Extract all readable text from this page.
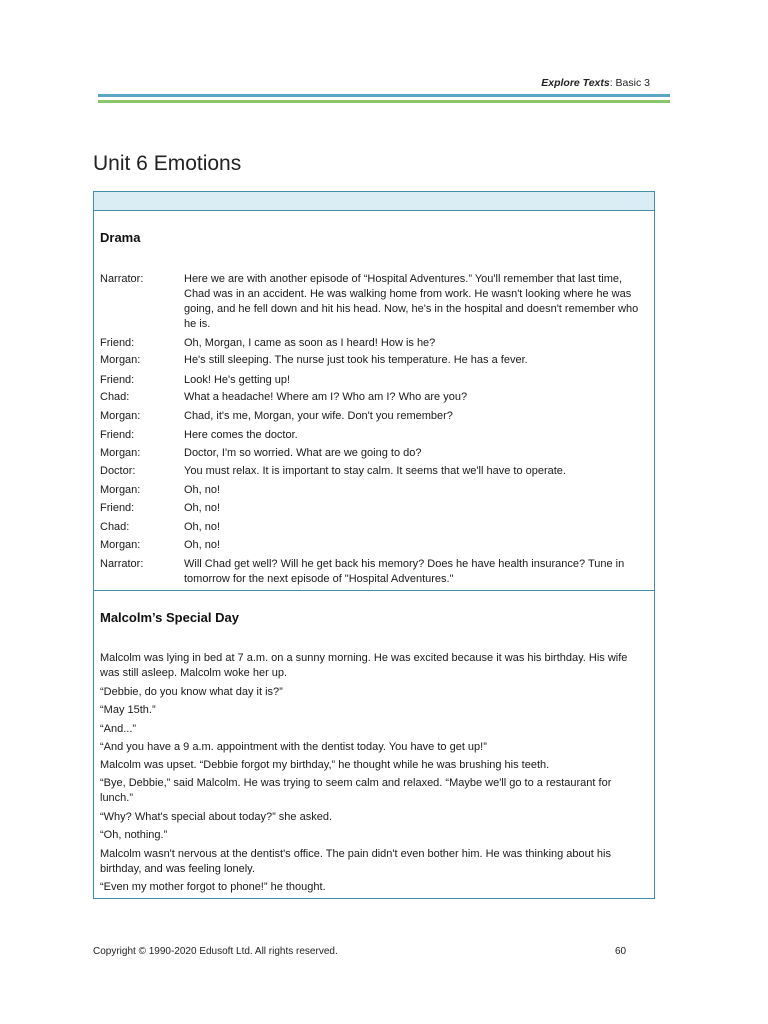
Explore Texts: Basic 3
Unit 6 Emotions
Drama
Narrator:	Here we are with another episode of “Hospital Adventures.” You'll remember that last time, Chad was in an accident. He was walking home from work. He wasn't looking where he was going, and he fell down and hit his head. Now, he's in the hospital and doesn't remember who he is.
Friend:	Oh, Morgan, I came as soon as I heard! How is he?
Morgan:	He's still sleeping. The nurse just took his temperature. He has a fever.
Friend:	Look! He's getting up!
Chad:	What a headache! Where am I? Who am I? Who are you?
Morgan:	Chad, it's me, Morgan, your wife. Don't you remember?
Friend:	Here comes the doctor.
Morgan:	Doctor, I'm so worried. What are we going to do?
Doctor:	You must relax. It is important to stay calm. It seems that we'll have to operate.
Morgan:	Oh, no!
Friend:	Oh, no!
Chad:	Oh, no!
Morgan:	Oh, no!
Narrator:	Will Chad get well? Will he get back his memory? Does he have health insurance? Tune in tomorrow for the next episode of "Hospital Adventures."
Malcolm’s Special Day

Malcolm was lying in bed at 7 a.m. on a sunny morning. He was excited because it was his birthday. His wife was still asleep. Malcolm woke her up.

“Debbie, do you know what day it is?”

“May 15th.”

“And...”

“And you have a 9 a.m. appointment with the dentist today. You have to get up!”

Malcolm was upset. “Debbie forgot my birthday,” he thought while he was brushing his teeth.

“Bye, Debbie,” said Malcolm. He was trying to seem calm and relaxed. “Maybe we'll go to a restaurant for lunch.”

“Why? What's special about today?” she asked.

“Oh, nothing.”

Malcolm wasn't nervous at the dentist's office. The pain didn't even bother him. He was thinking about his birthday, and was feeling lonely.

“Even my mother forgot to phone!” he thought.

Copyright © 1990-2020 Edusoft Ltd. All rights reserved.	60
